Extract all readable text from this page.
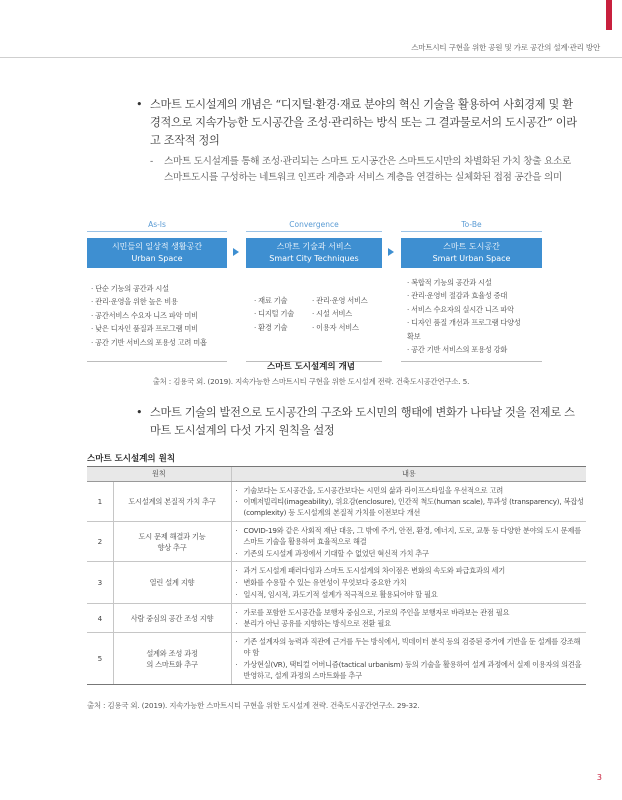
스마트시티 구현을 위한 공원 및 가로 공간의 설계·관리 방안
• 스마트 도시설계의 개념은 “디지털·환경·재료 분야의 혁신 기술을 활용하여 사회경제 및 환경적으로 지속가능한 도시공간을 조성·관리하는 방식 또는 그 결과물로서의 도시공간” 이라고 조작적 정의
- 스마트 도시설계를 통해 조성·관리되는 스마트 도시공간은 스마트도시만의 차별화된 가치 창출 요소로 스마트도시를 구성하는 네트워크 인프라 계층과 서비스 계층을 연결하는 실체화된 접점 공간을 의미
As-Is	Convergence	To-Be
시민들의 일상적 생활공간
Urban Space
스마트 기술과 서비스
Smart City Techniques
스마트 도시공간
Smart Urban Space
· 단순 기능의 공간과 시설
· 관리·운영을 위한 높은 비용
· 공간서비스 수요자 니즈 파악 미비
· 낮은 디자인 품질과 프로그램 미비
· 공간 기반 서비스의 포용성 고려 미흡
· 재료 기술
· 디지털 기술
· 환경 기술
· 관리·운영 서비스
· 시설 서비스
· 이용자 서비스
· 복합적 기능의 공간과 시설
· 관리·운영비 절감과 효율성 증대
· 서비스 수요자의 실시간 니즈 파악
· 디자인 품질 개선과 프로그램 다양성
확보
· 공간 기반 서비스의 포용성 강화
스마트 도시설계의 개념
출처 : 김용국 외. (2019). 지속가능한 스마트시티 구현을 위한 도시설계 전략. 건축도시공간연구소. 5.
• 스마트 기술의 발전으로 도시공간의 구조와 도시민의 행태에 변화가 나타날 것을 전제로 스마트 도시설계의 다섯 가지 원칙을 설정
스마트 도시설계의 원칙
원칙		내용
1	도시설계의 본질적 가치 추구	· 기술보다는 도시공간을, 도시공간보다는 시민의 삶과 라이프스타일을 우선적으로 고려
· 이메저빌리티(imageability), 위요감(enclosure), 인간적 척도(human scale), 투과성 (transparency), 복잡성(complexity) 등 도시설계의 본질적 가치를 이전보다 개선

2	도시 문제 해결과 기능 향상 추구	· COVID-19와 같은 사회적 재난 대응, 그 밖에 주거, 안전, 환경, 에너지, 도로, 교통 등 다양한 분야의 도시 문제를 스마트 기술을 활용하여 효율적으로 해결
· 기존의 도시설계 과정에서 기대할 수 없었던 혁신적 가치 추구

3	열린 설계 지향	· 과거 도시설계 패러다임과 스마트 도시설계의 차이점은 변화의 속도와 파급효과의 세기
· 변화를 수용할 수 있는 유연성이 무엇보다 중요한 가치
· 일시적, 임시적, 과도기적 설계가 적극적으로 활용되어야 할 필요

4	사람 중심의 공간 조성 지향	· 가로를 포함한 도시공간을 보행자 중심으로, 가로의 주인을 보행자로 바라보는 관점 필요
· 분리가 아닌 공유를 지향하는 방식으로 전환 필요

5	설계와 조성 과정의 스마트화 추구	· 기존 설계자의 능력과 직관에 근거를 두는 방식에서, 빅데이터 분석 등의 검증된 증거에 기반을 둔 설계를 강조해야 함
· 가상현실(VR), 택티컬 어버니즘(tactical urbanism) 등의 기술을 활용하여 설계 과정에서 실제 이용자의 의견을 반영하고, 설계 과정의 스마트화를 추구
출처 : 김용국 외. (2019). 지속가능한 스마트시티 구현을 위한 도시설계 전략. 건축도시공간연구소. 29-32.
3
